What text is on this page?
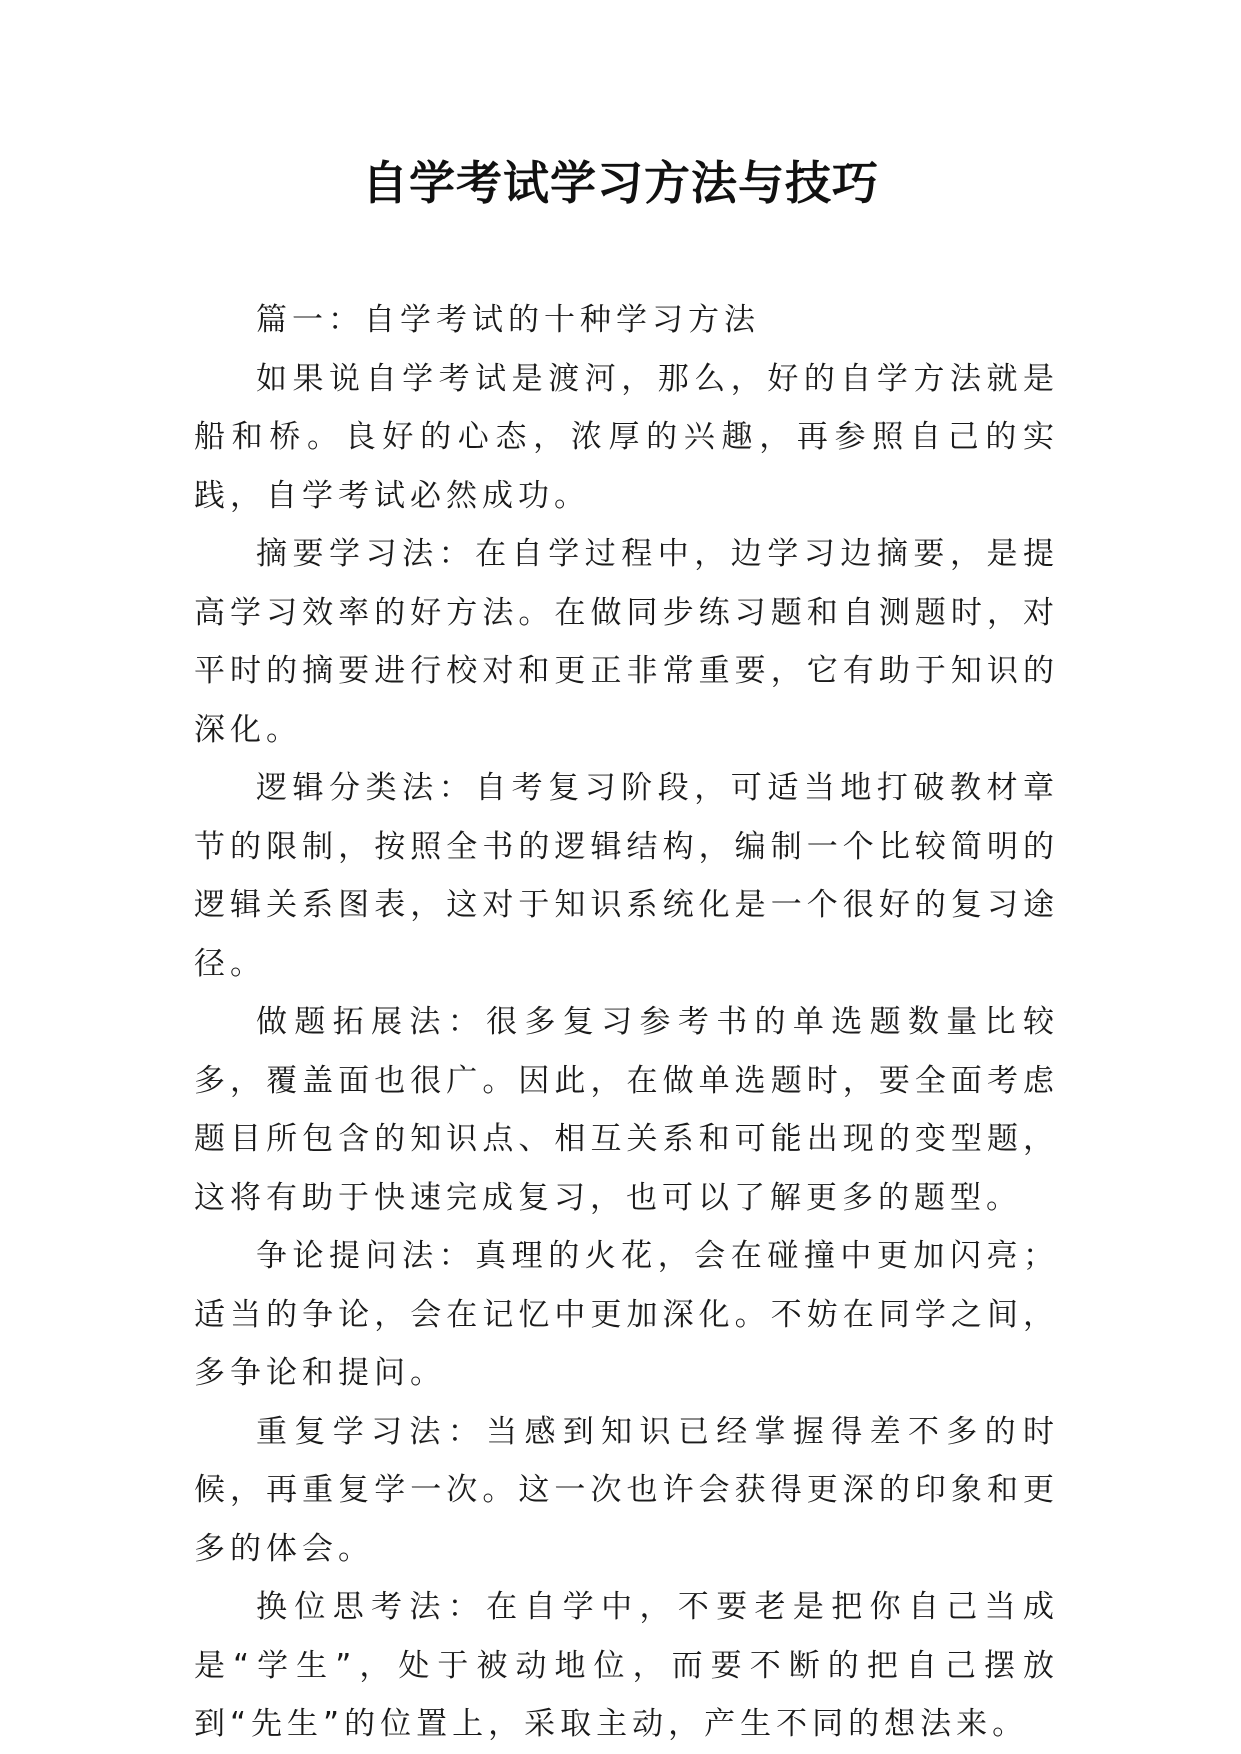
自学考试学习方法与技巧

篇一：自学考试的十种学习方法

如果说自学考试是渡河，那么，好的自学方法就是船和桥。良好的心态，浓厚的兴趣，再参照自己的实践，自学考试必然成功。

摘要学习法：在自学过程中，边学习边摘要，是提高学习效率的好方法。在做同步练习题和自测题时，对平时的摘要进行校对和更正非常重要，它有助于知识的深化。

逻辑分类法：自考复习阶段，可适当地打破教材章节的限制，按照全书的逻辑结构，编制一个比较简明的逻辑关系图表，这对于知识系统化是一个很好的复习途径。

做题拓展法：很多复习参考书的单选题数量比较多，覆盖面也很广。因此，在做单选题时，要全面考虑题目所包含的知识点、相互关系和可能出现的变型题，这将有助于快速完成复习，也可以了解更多的题型。

争论提问法：真理的火花，会在碰撞中更加闪亮；适当的争论，会在记忆中更加深化。不妨在同学之间，多争论和提问。

重复学习法：当感到知识已经掌握得差不多的时候，再重复学一次。这一次也许会获得更深的印象和更多的体会。

换位思考法：在自学中，不要老是把你自己当成是“学生”，处于被动地位，而要不断的把自己摆放到“先生”的位置上，采取主动，产生不同的想法来。
